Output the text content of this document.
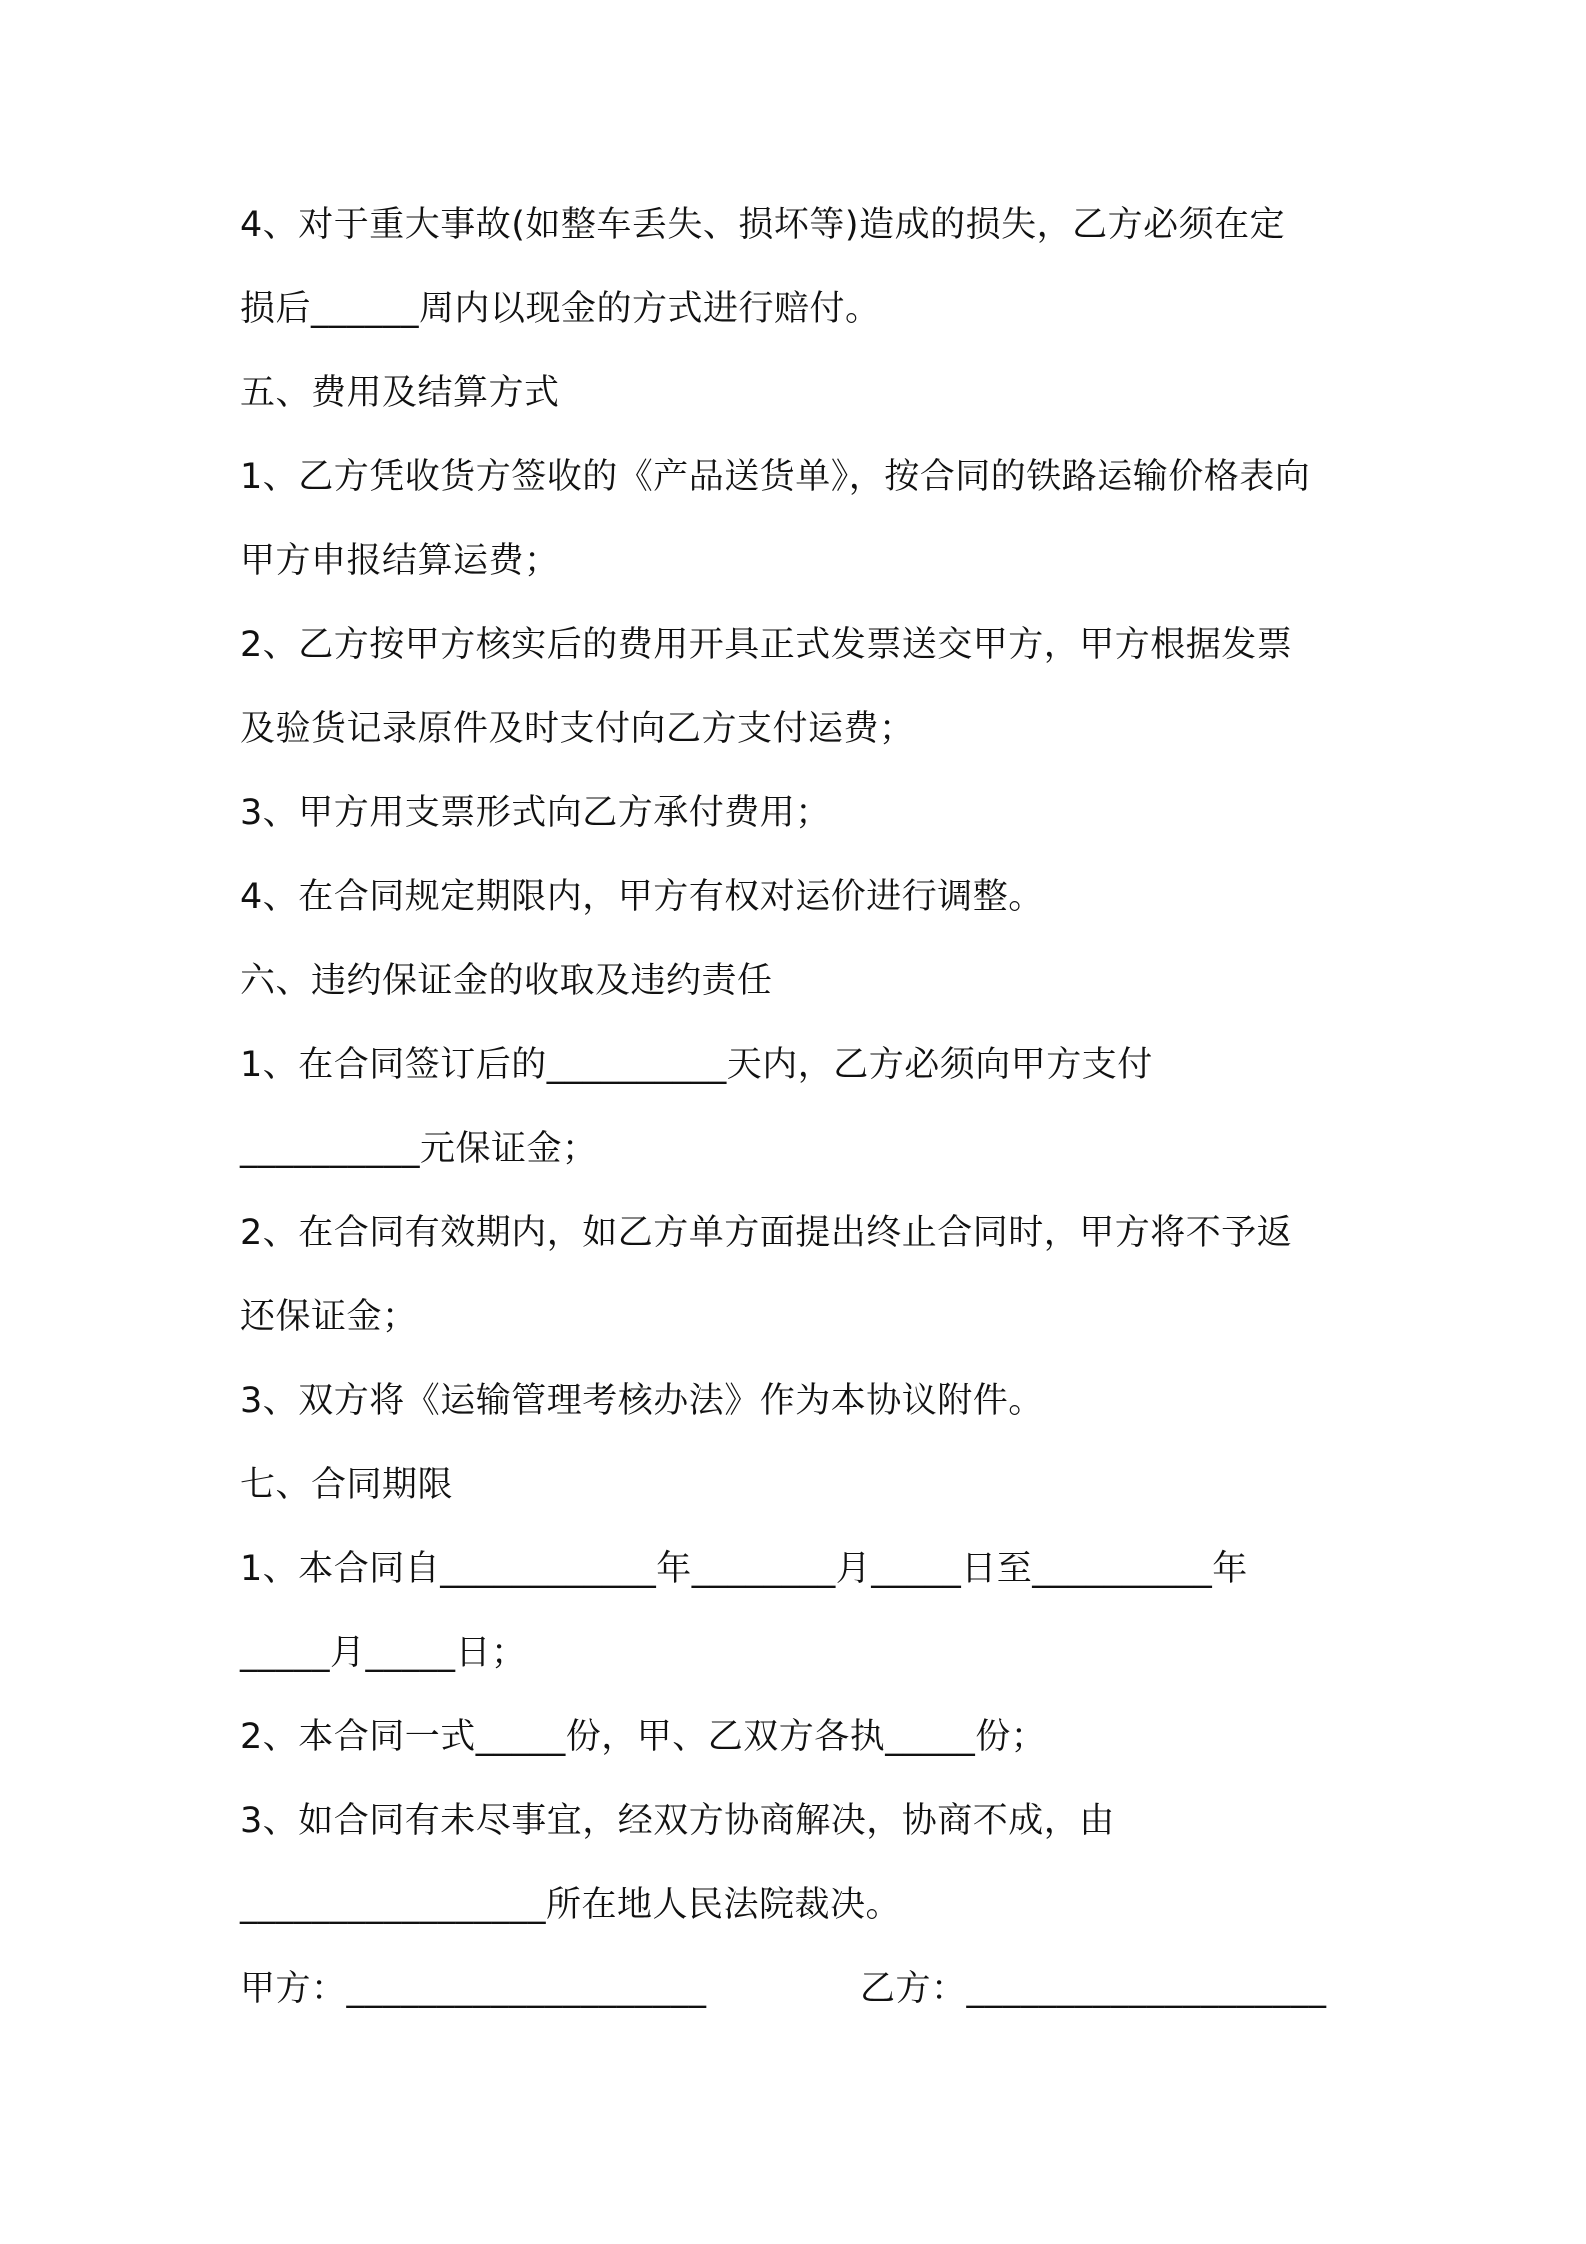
4、对于重大事故(如整车丢失、损坏等)造成的损失，乙方必须在定
损后______周内以现金的方式进行赔付。
五、费用及结算方式
1、乙方凭收货方签收的《产品送货单》，按合同的铁路运输价格表向
甲方申报结算运费；
2、乙方按甲方核实后的费用开具正式发票送交甲方，甲方根据发票
及验货记录原件及时支付向乙方支付运费；
3、甲方用支票形式向乙方承付费用；
4、在合同规定期限内，甲方有权对运价进行调整。
六、违约保证金的收取及违约责任
1、在合同签订后的__________天内，乙方必须向甲方支付
__________元保证金；
2、在合同有效期内，如乙方单方面提出终止合同时，甲方将不予返
还保证金；
3、双方将《运输管理考核办法》作为本协议附件。
七、合同期限
1、本合同自____________年________月_____日至__________年
_____月_____日；
2、本合同一式_____份，甲、乙双方各执_____份；
3、如合同有未尽事宜，经双方协商解决，协商不成，由
_________________所在地人民法院裁决。
甲方：____________________	乙方：____________________
